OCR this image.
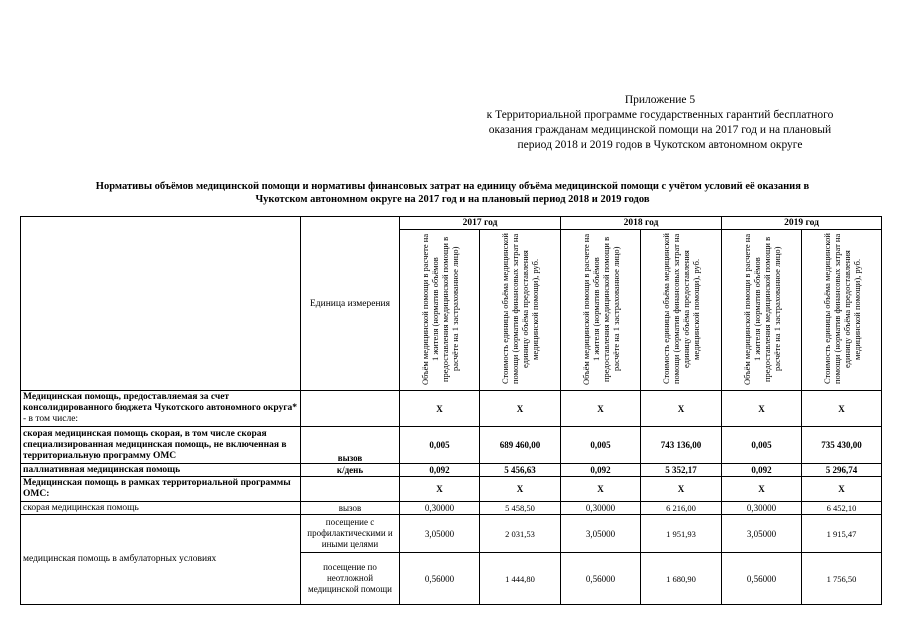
Приложение 5
к Территориальной программе государственных гарантий бесплатного
оказания гражданам медицинской помощи на 2017 год и на плановый
период 2018 и 2019 годов в Чукотском автономном округе
Нормативы объёмов медицинской помощи и нормативы финансовых затрат на единицу объёма медицинской помощи с учётом условий её оказания в
Чукотском автономном округе на 2017 год и на плановый период 2018 и 2019 годов
	Единица измерения	2017 год		2018 год		2019 год	
		Объём медицинской помощи в расчете на 1 жителя (норматив объёмов предоставления медицинской помощи в расчёте на 1 застрахованное лицо)	Стоимость единицы объёма медицинской помощи (норматив финансовых затрат на единицу объёма предоставления медицинской помощи), руб.	Объём медицинской помощи в расчете на 1 жителя (норматив объёмов предоставления медицинской помощи в расчёте на 1 застрахованное лицо)	Стоимость единицы объёма медицинской помощи (норматив финансовых затрат на единицу объёма предоставления медицинской помощи), руб.	Объём медицинской помощи в расчете на 1 жителя (норматив объёмов предоставления медицинской помощи в расчёте на 1 застрахованное лицо)	Стоимость единицы объёма медицинской помощи (норматив финансовых затрат на единицу объёма предоставления медицинской помощи), руб.
Медицинская помощь, предоставляемая за счет консолидированного бюджета Чукотского автономного округа* - в том числе:		X	X	X	X	X	X
скорая медицинская помощь скорая, в том числе скорая специализированная медицинская помощь, не включенная в территориальную программу ОМС	вызов	0,005	689 460,00	0,005	743 136,00	0,005	735 430,00
паллиативная медицинская помощь	к/день	0,092	5 456,63	0,092	5 352,17	0,092	5 296,74
Медицинская помощь в рамках территориальной программы ОМС:		X	X	X	X	X	X
скорая медицинская помощь	вызов	0,30000	5 458,50	0,30000	6 216,00	0,30000	6 452,10
медицинская помощь в амбулаторных условиях	посещение с профилактическими и иными целями	3,05000	2 031,53	3,05000	1 951,93	3,05000	1 915,47
	посещение по неотложной медицинской помощи	0,56000	1 444,80	0,56000	1 680,90	0,56000	1 756,50
